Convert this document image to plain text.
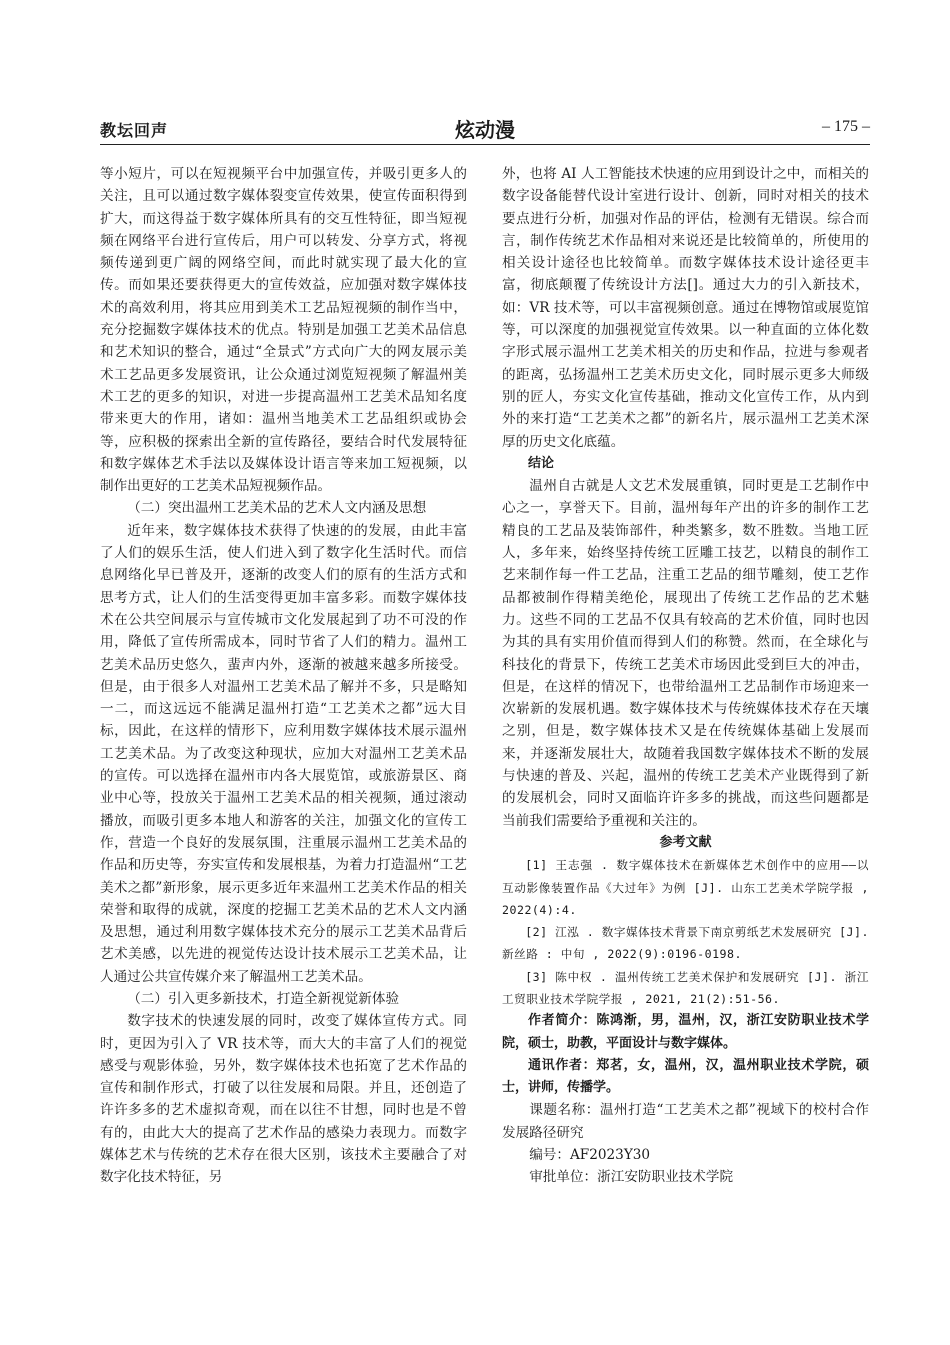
教坛回声	炫动漫	– 175 –

等小短片，可以在短视频平台中加强宣传，并吸引更多人的关注，且可以通过数字媒体裂变宣传效果，使宣传面积得到扩大，而这得益于数字媒体所具有的交互性特征，即当短视频在网络平台进行宣传后，用户可以转发、分享方式，将视频传递到更广阔的网络空间，而此时就实现了最大化的宣传。而如果还要获得更大的宣传效益，应加强对数字媒体技术的高效利用，将其应用到美术工艺品短视频的制作当中，充分挖掘数字媒体技术的优点。特别是加强工艺美术品信息和艺术知识的整合，通过“全景式”方式向广大的网友展示美术工艺品更多发展资讯，让公众通过浏览短视频了解温州美术工艺的更多的知识，对进一步提高温州工艺美术品知名度带来更大的作用，诸如：温州当地美术工艺品组织或协会等，应积极的探索出全新的宣传路径，要结合时代发展特征和数字媒体艺术手法以及媒体设计语言等来加工短视频，以制作出更好的工艺美术品短视频作品。

（二）突出温州工艺美术品的艺术人文内涵及思想

近年来，数字媒体技术获得了快速的的发展，由此丰富了人们的娱乐生活，使人们进入到了数字化生活时代。而信息网络化早已普及开，逐渐的改变人们的原有的生活方式和思考方式，让人们的生活变得更加丰富多彩。而数字媒体技术在公共空间展示与宣传城市文化发展起到了功不可没的作用，降低了宣传所需成本，同时节省了人们的精力。温州工艺美术品历史悠久，蜚声内外，逐渐的被越来越多所接受。但是，由于很多人对温州工艺美术品了解并不多，只是略知一二，而这远远不能满足温州打造“工艺美术之都”远大目标，因此，在这样的情形下，应利用数字媒体技术展示温州工艺美术品。为了改变这种现状，应加大对温州工艺美术品的宣传。可以选择在温州市内各大展览馆，或旅游景区、商业中心等，投放关于温州工艺美术品的相关视频，通过滚动播放，而吸引更多本地人和游客的关注，加强文化的宣传工作，营造一个良好的发展氛围，注重展示温州工艺美术品的作品和历史等，夯实宣传和发展根基，为着力打造温州“工艺美术之都”新形象，展示更多近年来温州工艺美术作品的相关荣誉和取得的成就，深度的挖掘工艺美术品的艺术人文内涵及思想，通过利用数字媒体技术充分的展示工艺美术品背后艺术美感，以先进的视觉传达设计技术展示工艺美术品，让人通过公共宣传媒介来了解温州工艺美术品。

（二）引入更多新技术，打造全新视觉新体验

数字技术的快速发展的同时，改变了媒体宣传方式。同时，更因为引入了 VR 技术等，而大大的丰富了人们的视觉感受与观影体验，另外，数字媒体技术也拓宽了艺术作品的宣传和制作形式，打破了以往发展和局限。并且，还创造了许许多多的艺术虚拟奇观，而在以往不甘想，同时也是不曾有的，由此大大的提高了艺术作品的感染力表现力。而数字媒体艺术与传统的艺术存在很大区别，该技术主要融合了对数字化技术特征，另

外，也将 AI 人工智能技术快速的应用到设计之中，而相关的数字设备能替代设计室进行设计、创新，同时对相关的技术要点进行分析，加强对作品的评估，检测有无错误。综合而言，制作传统艺术作品相对来说还是比较简单的，所使用的相关设计途径也比较简单。而数字媒体技术设计途径更丰富，彻底颠覆了传统设计方法[]。通过大力的引入新技术，如：VR 技术等，可以丰富视频创意。通过在博物馆或展览馆等，可以深度的加强视觉宣传效果。以一种直面的立体化数字形式展示温州工艺美术相关的历史和作品，拉进与参观者的距离，弘扬温州工艺美术历史文化，同时展示更多大师级别的匠人，夯实文化宣传基础，推动文化宣传工作，从内到外的来打造“工艺美术之都”的新名片，展示温州工艺美术深厚的历史文化底蕴。

结论

温州自古就是人文艺术发展重镇，同时更是工艺制作中心之一，享誉天下。目前，温州每年产出的许多的制作工艺精良的工艺品及装饰部件，种类繁多，数不胜数。当地工匠人，多年来，始终坚持传统工匠雕工技艺，以精良的制作工艺来制作每一件工艺品，注重工艺品的细节雕刻，使工艺作品都被制作得精美绝伦，展现出了传统工艺作品的艺术魅力。这些不同的工艺品不仅具有较高的艺术价值，同时也因为其的具有实用价值而得到人们的称赞。然而，在全球化与科技化的背景下，传统工艺美术市场因此受到巨大的冲击，但是，在这样的情况下，也带给温州工艺品制作市场迎来一次崭新的发展机遇。数字媒体技术与传统媒体技术存在天壤之别，但是，数字媒体技术又是在传统媒体基础上发展而来，并逐渐发展壮大，故随着我国数字媒体技术不断的发展与快速的普及、兴起，温州的传统工艺美术产业既得到了新的发展机会，同时又面临许许多多的挑战，而这些问题都是当前我们需要给予重视和关注的。

参考文献

[1] 王志强 . 数字媒体技术在新媒体艺术创作中的应用——以互动影像装置作品《大过年》为例 [J]. 山东工艺美术学院学报 , 2022(4):4.

[2] 江泓 . 数字媒体技术背景下南京剪纸艺术发展研究 [J]. 新丝路 : 中旬 , 2022(9):0196-0198.

[3] 陈中权 . 温州传统工艺美术保护和发展研究 [J]. 浙江工贸职业技术学院学报 , 2021, 21(2):51-56.

作者简介：陈鸿渐，男，温州，汉，浙江安防职业技术学院，硕士，助教，平面设计与数字媒体。

通讯作者：郑茗，女，温州，汉，温州职业技术学院，硕士，讲师，传播学。

课题名称：温州打造“工艺美术之都”视域下的校村合作发展路径研究

编号：AF2023Y30

审批单位：浙江安防职业技术学院
